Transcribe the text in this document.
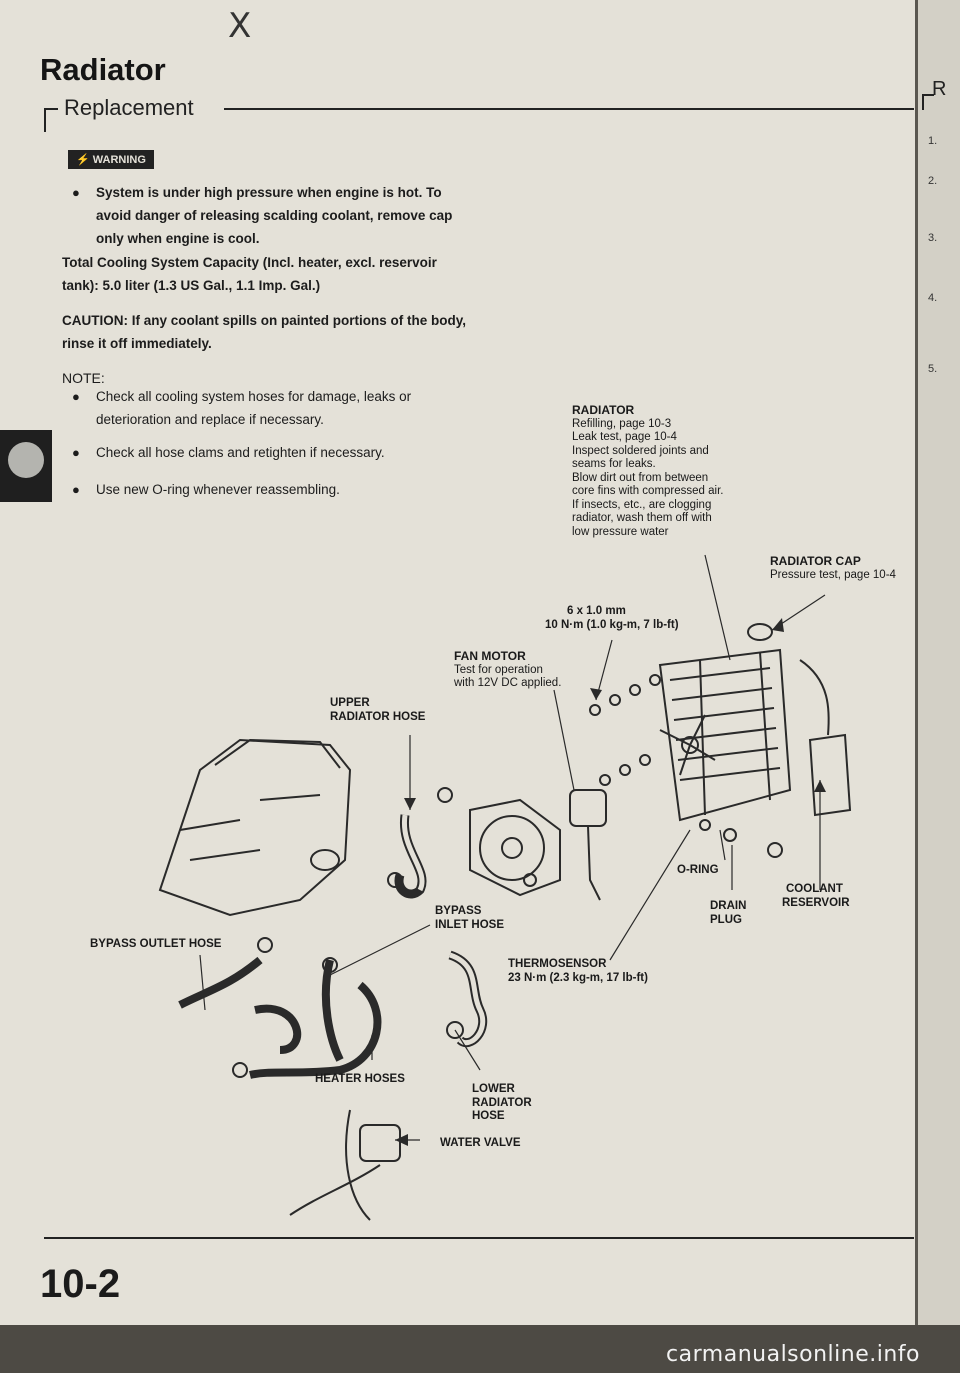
X
Radiator
Replacement
⚡ WARNING
●	System is under high pressure when engine is hot. To avoid danger of releasing scalding coolant, remove cap only when engine is cool.
Total Cooling System Capacity (Incl. heater, excl. reservoir tank): 5.0 liter (1.3 US Gal., 1.1 Imp. Gal.)
CAUTION: If any coolant spills on painted portions of the body, rinse it off immediately.
NOTE:
●	Check all cooling system hoses for damage, leaks or deterioration and replace if necessary.
●	Check all hose clams and retighten if necessary.
●	Use new O-ring whenever reassembling.
RADIATOR
Refilling, page 10-3
Leak test, page 10-4
Inspect soldered joints and
seams for leaks.
Blow dirt out from between
core fins with compressed air.
If insects, etc., are clogging
radiator, wash them off with
low pressure water
RADIATOR CAP
Pressure test, page 10-4
6 x 1.0 mm
10 N·m (1.0 kg-m, 7 lb-ft)
FAN MOTOR
Test for operation
with 12V DC applied.
UPPER
RADIATOR HOSE
O-RING
DRAIN
PLUG
COOLANT
RESERVOIR
BYPASS
INLET HOSE
BYPASS OUTLET HOSE
THERMOSENSOR
23 N·m (2.3 kg-m, 17 lb-ft)
HEATER HOSES
LOWER
RADIATOR
HOSE
WATER VALVE
10-2
R
1.
2.
3.
4.
5.
carmanualsonline.info
